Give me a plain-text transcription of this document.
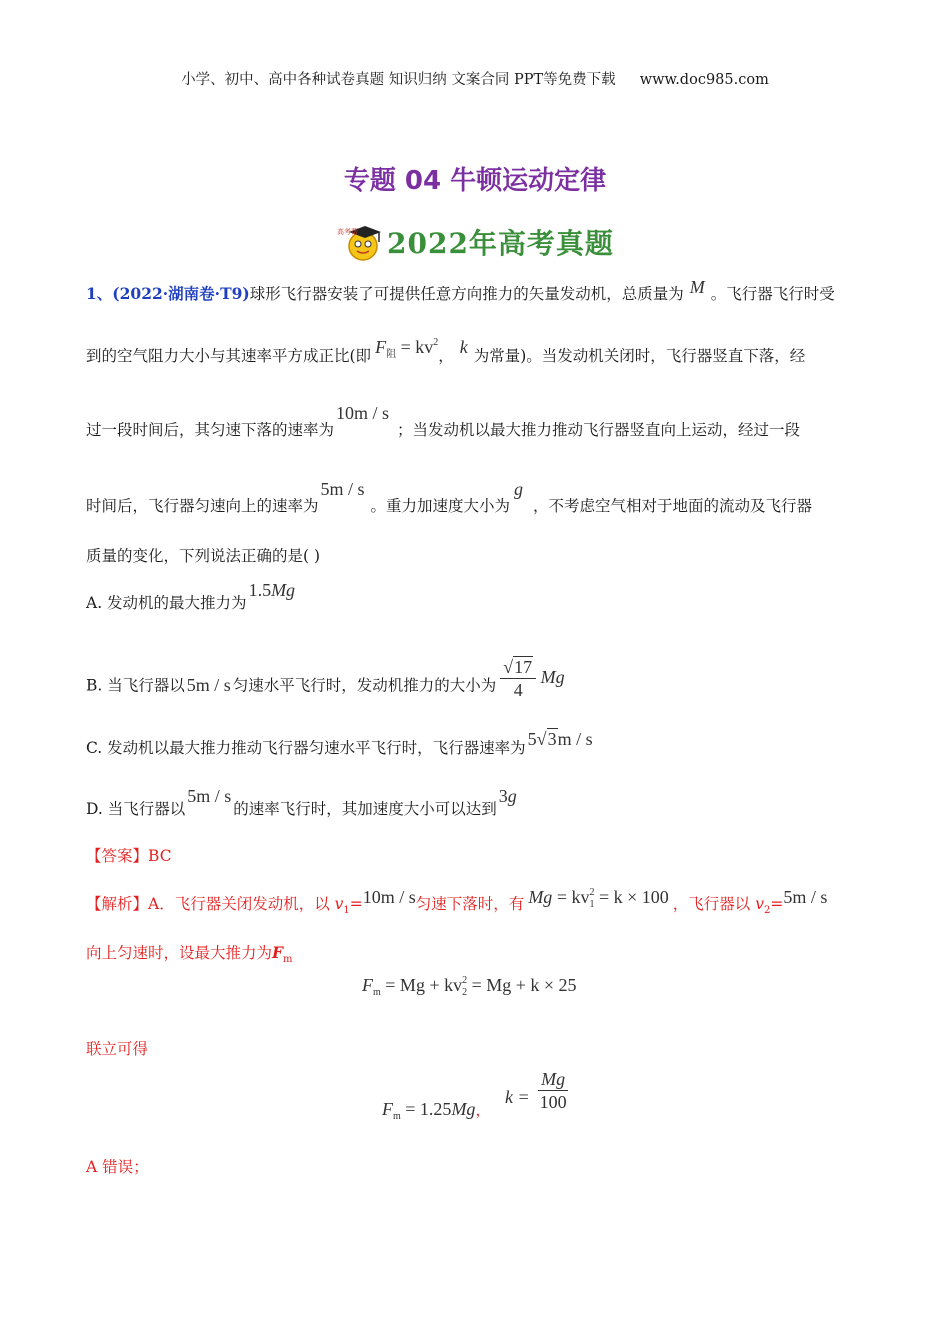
小学、初中、高中各种试卷真题 知识归纳 文案合同 PPT等免费下载 www.doc985.com
专题 04 牛顿运动定律
高考帮 2022年高考真题
1、(2022·湖南卷·T9)球形飞行器安装了可提供任意方向推力的矢量发动机，总质量为 M 。飞行器飞行时受
到的空气阻力大小与其速率平方成正比(即 $F_阻 = kv^2$， k 为常量)。当发动机关闭时，飞行器竖直下落，经
过一段时间后，其匀速下落的速率为10m / s；当发动机以最大推力推动飞行器竖直向上运动，经过一段
时间后，飞行器匀速向上的速率为5m / s。重力加速度大小为g，不考虑空气相对于地面的流动及飞行器
质量的变化，下列说法正确的是( )
A. 发动机的最大推力为1.5Mg
B. 当飞行器以 5m / s 匀速水平飞行时，发动机推力的大小为 $\frac{√17}{4}$ Mg
C. 发动机以最大推力推动飞行器匀速水平飞行时，飞行器速率为 5√3m / s
D. 当飞行器以5m / s的速率飞行时，其加速度大小可以达到3g
【答案】BC
【解析】A．飞行器关闭发动机，以 $v_1=10m / s$匀速下落时，有 $Mg = kv_1^2 = k \times 100$ ，飞行器以 $v_2=5m / s$
向上匀速时，设最大推力为$F_m$
$F_m = Mg + kv_2^2 = Mg + k \times 25$
联立可得
$F_m = 1.25Mg_,$ $k = \frac{Mg}{100}$
A 错误；
